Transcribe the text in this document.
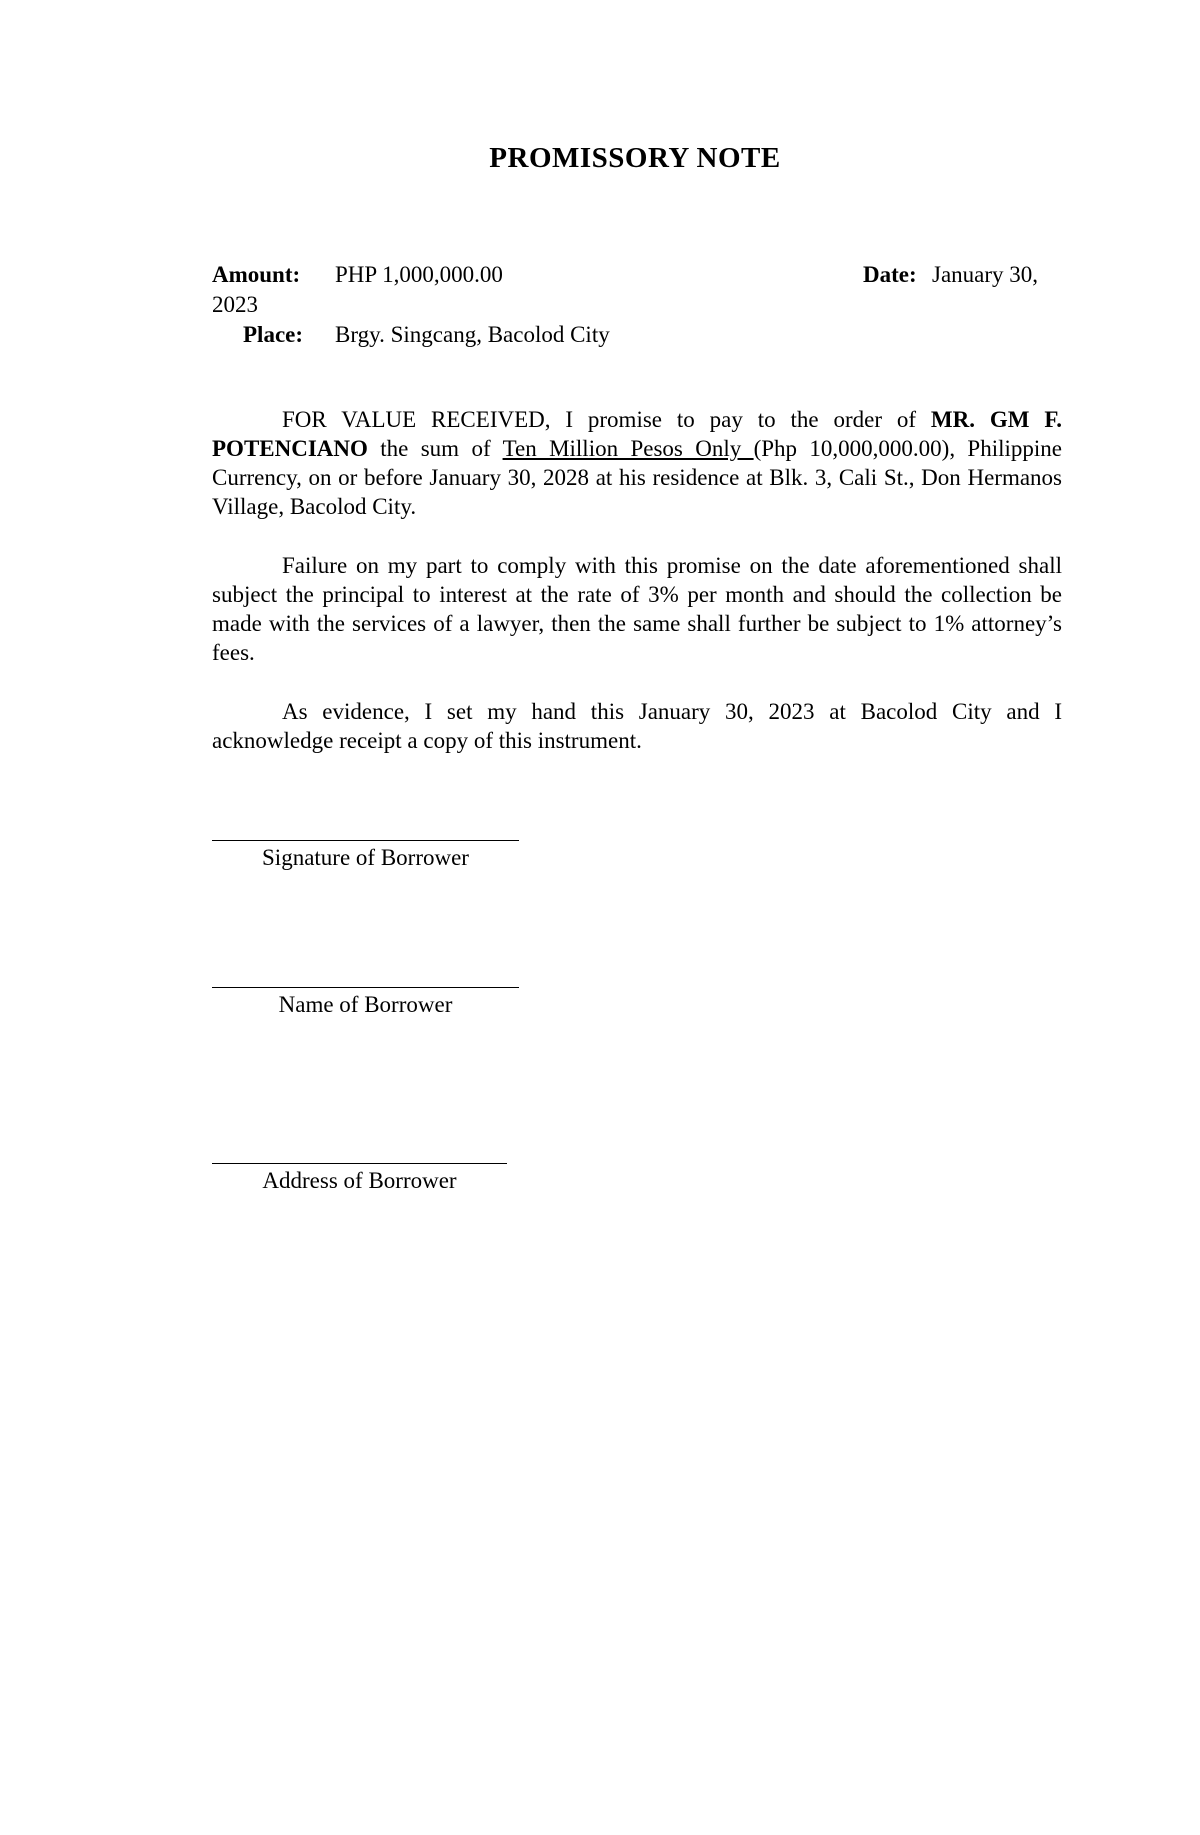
PROMISSORY NOTE
Amount: PHP 1,000,000.00	Date: January 30,
2023
Place: Brgy. Singcang, Bacolod City

FOR VALUE RECEIVED, I promise to pay to the order of MR. GM F. POTENCIANO the sum of Ten Million Pesos Only (Php 10,000,000.00), Philippine Currency, on or before January 30, 2028 at his residence at Blk. 3, Cali St., Don Hermanos Village, Bacolod City.

Failure on my part to comply with this promise on the date aforementioned shall subject the principal to interest at the rate of 3% per month and should the collection be made with the services of a lawyer, then the same shall further be subject to 1% attorney’s fees.

As evidence, I set my hand this January 30, 2023 at Bacolod City and I acknowledge receipt a copy of this instrument.

Signature of Borrower
Name of Borrower
Address of Borrower
